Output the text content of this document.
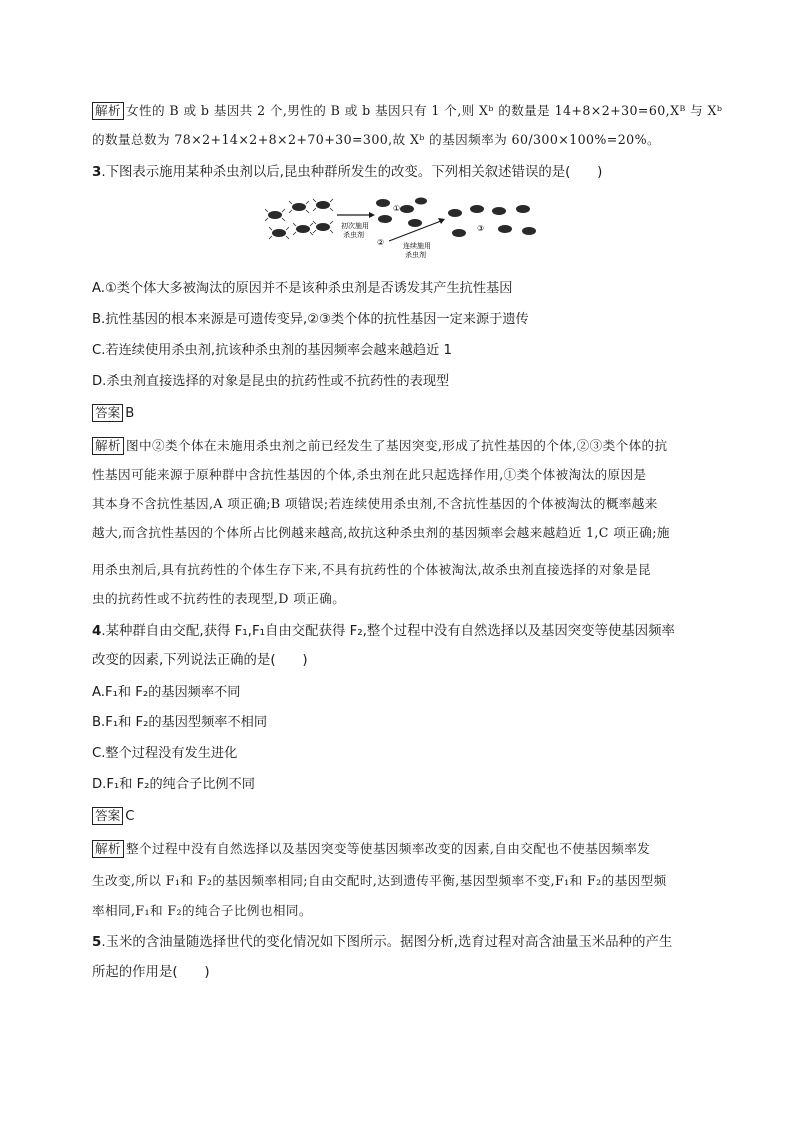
解析 女性的 B 或 b 基因共 2 个,男性的 B 或 b 基因只有 1 个,则 Xᵇ 的数量是 14+8×2+30=60,Xᴮ 与 Xᵇ
的数量总数为 78×2+14×2+8×2+70+30=300,故 Xᵇ 的基因频率为 60/300×100%=20%。
3.下图表示施用某种杀虫剂以后,昆虫种群所发生的改变。下列相关叙述错误的是(　　)
初次施用
杀虫剂
①
②	连续施用
杀虫剂
③
A.①类个体大多被淘汰的原因并不是该种杀虫剂是否诱发其产生抗性基因
B.抗性基因的根本来源是可遗传变异,②③类个体的抗性基因一定来源于遗传
C.若连续使用杀虫剂,抗该种杀虫剂的基因频率会越来越趋近 1
D.杀虫剂直接选择的对象是昆虫的抗药性或不抗药性的表现型
答案 B
解析 图中②类个体在未施用杀虫剂之前已经发生了基因突变,形成了抗性基因的个体,②③类个体的抗
性基因可能来源于原种群中含抗性基因的个体,杀虫剂在此只起选择作用,①类个体被淘汰的原因是
其本身不含抗性基因,A 项正确;B 项错误;若连续使用杀虫剂,不含抗性基因的个体被淘汰的概率越来
越大,而含抗性基因的个体所占比例越来越高,故抗这种杀虫剂的基因频率会越来越趋近 1,C 项正确;施
用杀虫剂后,具有抗药性的个体生存下来,不具有抗药性的个体被淘汰,故杀虫剂直接选择的对象是昆
虫的抗药性或不抗药性的表现型,D 项正确。
4.某种群自由交配,获得 F₁,F₁自由交配获得 F₂,整个过程中没有自然选择以及基因突变等使基因频率
改变的因素,下列说法正确的是(　　)
A.F₁和 F₂的基因频率不同
B.F₁和 F₂的基因型频率不相同
C.整个过程没有发生进化
D.F₁和 F₂的纯合子比例不同
答案 C
解析 整个过程中没有自然选择以及基因突变等使基因频率改变的因素,自由交配也不使基因频率发
生改变,所以 F₁和 F₂的基因频率相同;自由交配时,达到遗传平衡,基因型频率不变,F₁和 F₂的基因型频
率相同,F₁和 F₂的纯合子比例也相同。
5.玉米的含油量随选择世代的变化情况如下图所示。据图分析,选育过程对高含油量玉米品种的产生
所起的作用是(　　)
